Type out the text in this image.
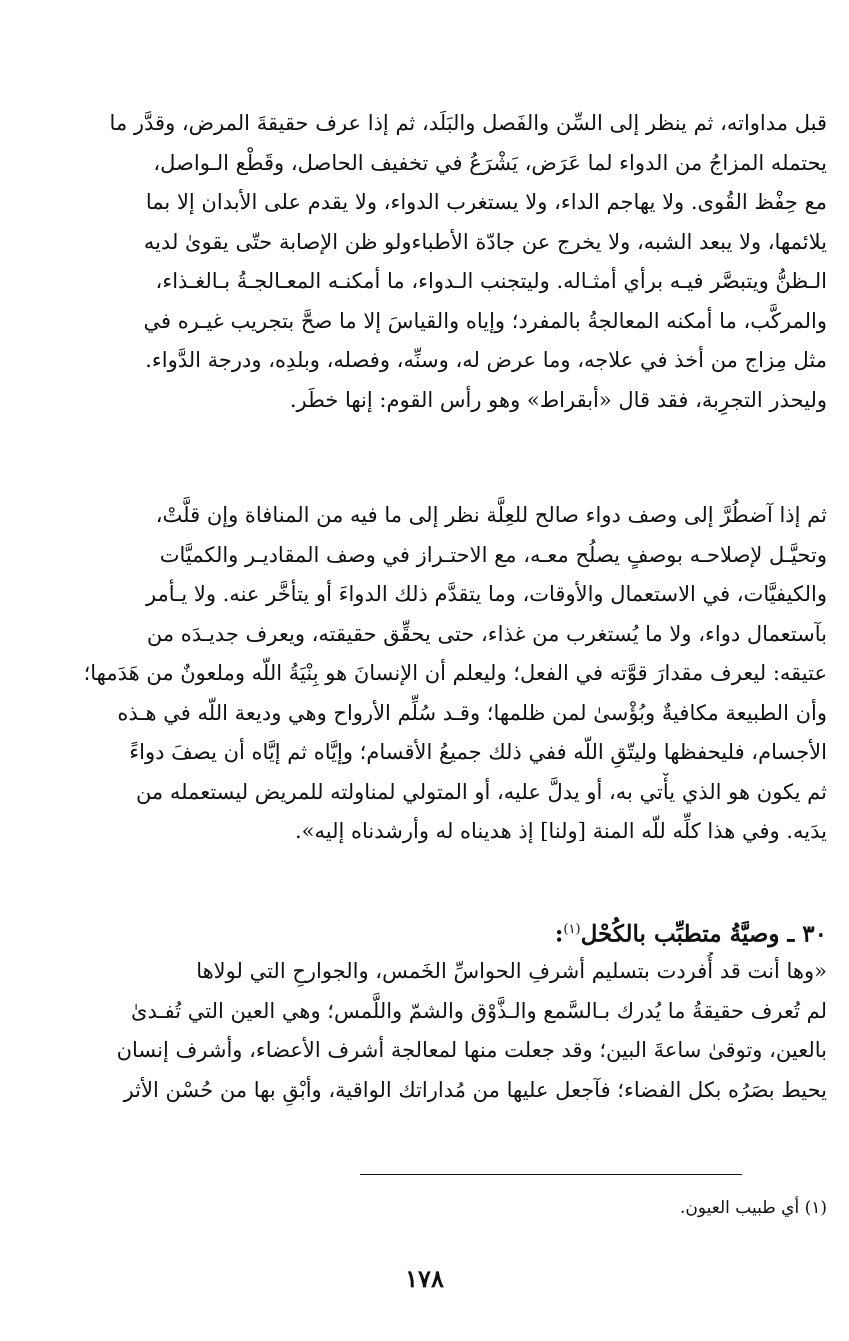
قبل مداواته، ثم ينظر إلى السِّن والفَصل والبَلَد، ثم إذا عرف حقيقةَ المرض، وقدَّر ما
يحتمله المزاجُ من الدواء لما عَرَض، يَشْرَعُ في تخفيف الحاصل، وقَطْع الـواصل،
مع حِفْظ القُوى. ولا يهاجم الداء، ولا يستغرب الدواء، ولا يقدم على الأبدان إلا بما
يلائمها، ولا يبعد الشبه، ولا يخرج عن جادّة الأطباءولو ظن الإصابة حتّى يقوىٰ لديه
الـظنُّ ويتبصَّر فيـه برأي أمثـاله. وليتجنب الـدواء، ما أمكنـه المعـالجـةُ بـالغـذاء،
والمركَّب، ما أمكنه المعالجةُ بالمفرد؛ وإياه والقياسَ إلا ما صحَّ بتجريب غيـره في
مثل مِزاج من أخذ في علاجه، وما عرض له، وسنِّه، وفصله، وبلدِه، ودرجة الدَّواء.
وليحذر التجرِبة، فقد قال «أبقراط» وهو رأس القوم: إنها خطَر.
ثم إذا آضطُرَّ إلى وصف دواء صالح للعِلَّة نظر إلى ما فيه من المنافاة وإن قلَّتْ،
وتحيَّـل لإصلاحـه بوصفٍ يصلُح معـه، مع الاحتـراز في وصف المقاديـر والكميَّات
والكيفيَّات، في الاستعمال والأوقات، وما يتقدَّم ذلك الدواءَ أو يتأخَّر عنه. ولا يـأمر
بآستعمال دواء، ولا ما يُستغرب من غذاء، حتى يحقِّق حقيقته، ويعرف جديـدَه من
عتيقه: ليعرف مقدارَ قوَّته في الفعل؛ وليعلم أن الإنسانَ هو بِنْيَةُ اللّه وملعونٌ من هَدَمها؛
وأن الطبيعة مكافيةٌ وبُؤْسىٰ لمن ظلمها؛ وقـد سُلِّم الأرواح وهي وديعة اللّه في هـذه
الأجسام، فليحفظها وليتّقِ اللّه ففي ذلك جميعُ الأقسام؛ وإيَّاه ثم إيَّاه أن يصفَ دواءً
ثم يكون هو الذي يأْتي به، أو يدلَّ عليه، أو المتولي لمناولته للمريض ليستعمله من
يدَيه. وفي هذا كلِّه للّه المنة [ولنا] إذ هديناه له وأرشدناه إليه».
٣٠ ـ وصيَّةُ متطبِّب بالكُحْل$^{(١)}$:
«وها أنت قد أُفردت بتسليم أشرفِ الحواسِّ الخَمس، والجوارحِ التي لولاها
لم تُعرف حقيقةُ ما يُدرك بـالسَّمع والـذَّوْق والشمّ واللَّمس؛ وهي العين التي تُفـدىٰ
بالعين، وتوقىٰ ساعةَ البين؛ وقد جعلت منها لمعالجة أشرف الأعضاء، وأشرف إنسان
يحيط بصَرُه بكل الفضاء؛ فآجعل عليها من مُداراتك الواقية، وأبْقِ بها من حُسْن الأثر
(١) أي طبيب العيون.
١٧٨
